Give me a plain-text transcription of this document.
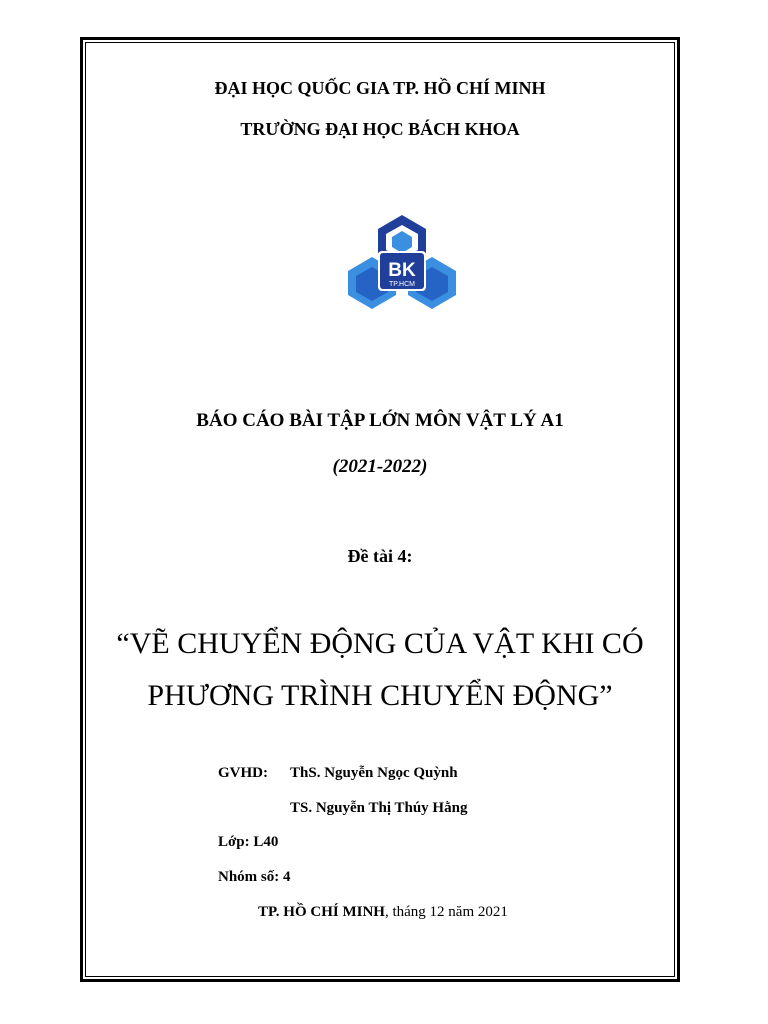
ĐẠI HỌC QUỐC GIA TP. HỒ CHÍ MINH
TRƯỜNG ĐẠI HỌC BÁCH KHOA
BK
TP.HCM
BÁO CÁO BÀI TẬP LỚN MÔN VẬT LÝ A1
(2021-2022)
Đề tài 4:
“VẼ CHUYỂN ĐỘNG CỦA VẬT KHI CÓ
PHƯƠNG TRÌNH CHUYỂN ĐỘNG”
GVHD: ThS. Nguyễn Ngọc Quỳnh
TS. Nguyễn Thị Thúy Hằng
Lớp: L40
Nhóm số: 4
TP. HỒ CHÍ MINH, tháng 12 năm 2021
